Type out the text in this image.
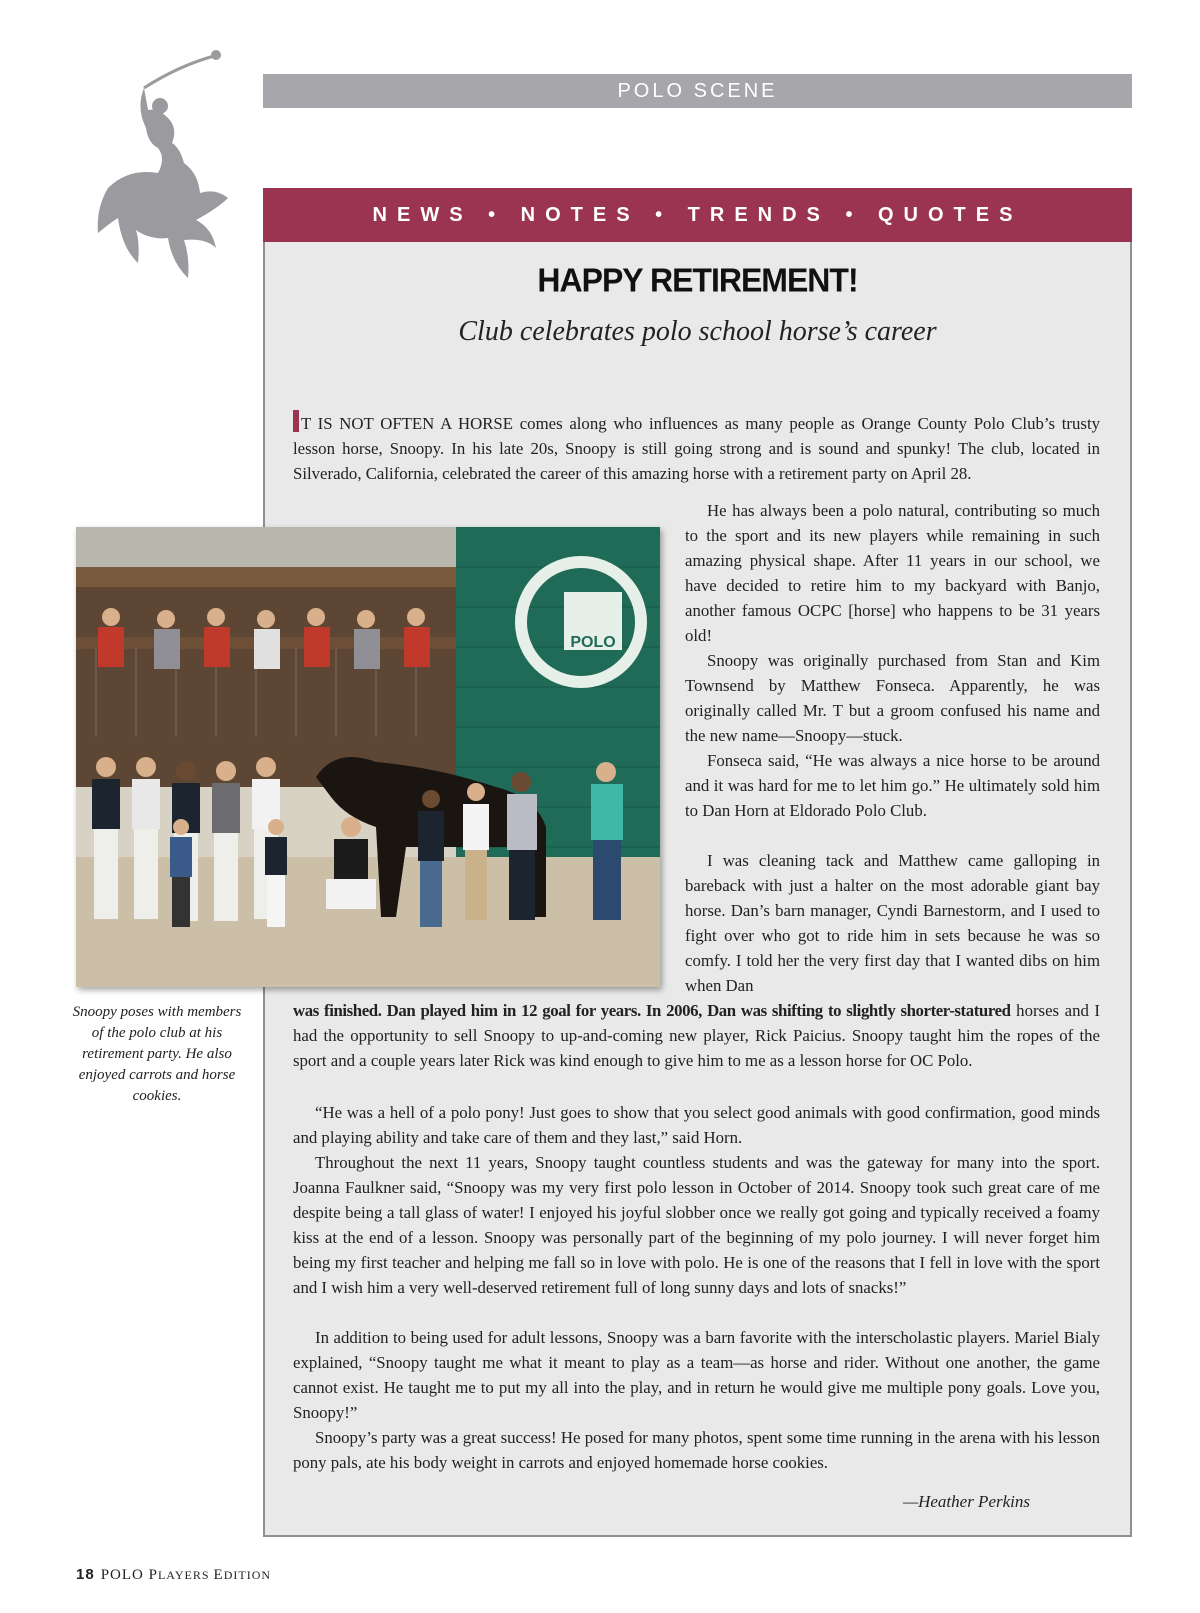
POLO SCENE
NEWS • NOTES • TRENDS • QUOTES
HAPPY RETIREMENT!
Club celebrates polo school horse’s career

T IS NOT OFTEN A HORSE comes along who influences as many people as Orange County Polo Club’s trusty lesson horse, Snoopy. In his late 20s, Snoopy is still going strong and is sound and spunky! The club, located in Silverado, California, celebrated the career of this amazing horse with a retirement party on April 28.

He has always been a polo natural, contributing so much to the sport and its new players while remaining in such amazing physical shape. After 11 years in our school, we have decided to retire him to my backyard with Banjo, another famous OCPC [horse] who happens to be 31 years old!

Snoopy was originally purchased from Stan and Kim Townsend by Matthew Fonseca. Apparently, he was originally called Mr. T but a groom confused his name and the new name—Snoopy—stuck.

Fonseca said, “He was always a nice horse to be around and it was hard for me to let him go.” He ultimately sold him to Dan Horn at Eldorado Polo Club.

I was cleaning tack and Matthew came galloping in bareback with just a halter on the most adorable giant bay horse. Dan’s barn manager, Cyndi Barnestorm, and I used to fight over who got to ride him in sets because he was so comfy. I told her the very first day that I wanted dibs on him when Dan

was finished. Dan played him in 12 goal for years. In 2006, Dan was shifting to slightly shorter-statured horses and I had the opportunity to sell Snoopy to up-and-coming new player, Rick Paicius. Snoopy taught him the ropes of the sport and a couple years later Rick was kind enough to give him to me as a lesson horse for OC Polo.

“He was a hell of a polo pony! Just goes to show that you select good animals with good confirmation, good minds and playing ability and take care of them and they last,” said Horn.

Throughout the next 11 years, Snoopy taught countless students and was the gateway for many into the sport. Joanna Faulkner said, “Snoopy was my very first polo lesson in October of 2014. Snoopy took such great care of me despite being a tall glass of water! I enjoyed his joyful slobber once we really got going and typically received a foamy kiss at the end of a lesson. Snoopy was personally part of the beginning of my polo journey. I will never forget him being my first teacher and helping me fall so in love with polo. He is one of the reasons that I fell in love with the sport and I wish him a very well-deserved retirement full of long sunny days and lots of snacks!”

In addition to being used for adult lessons, Snoopy was a barn favorite with the interscholastic players. Mariel Bialy explained, “Snoopy taught me what it meant to play as a team—as horse and rider. Without one another, the game cannot exist. He taught me to put my all into the play, and in return he would give me multiple pony goals. Love you, Snoopy!”

Snoopy’s party was a great success! He posed for many photos, spent some time running in the arena with his lesson pony pals, ate his body weight in carrots and enjoyed homemade horse cookies.

—Heather Perkins
POLO
Snoopy poses with members of the polo club at his retirement party. He also enjoyed carrots and horse cookies.
18 POLO PLAYERS EDITION
